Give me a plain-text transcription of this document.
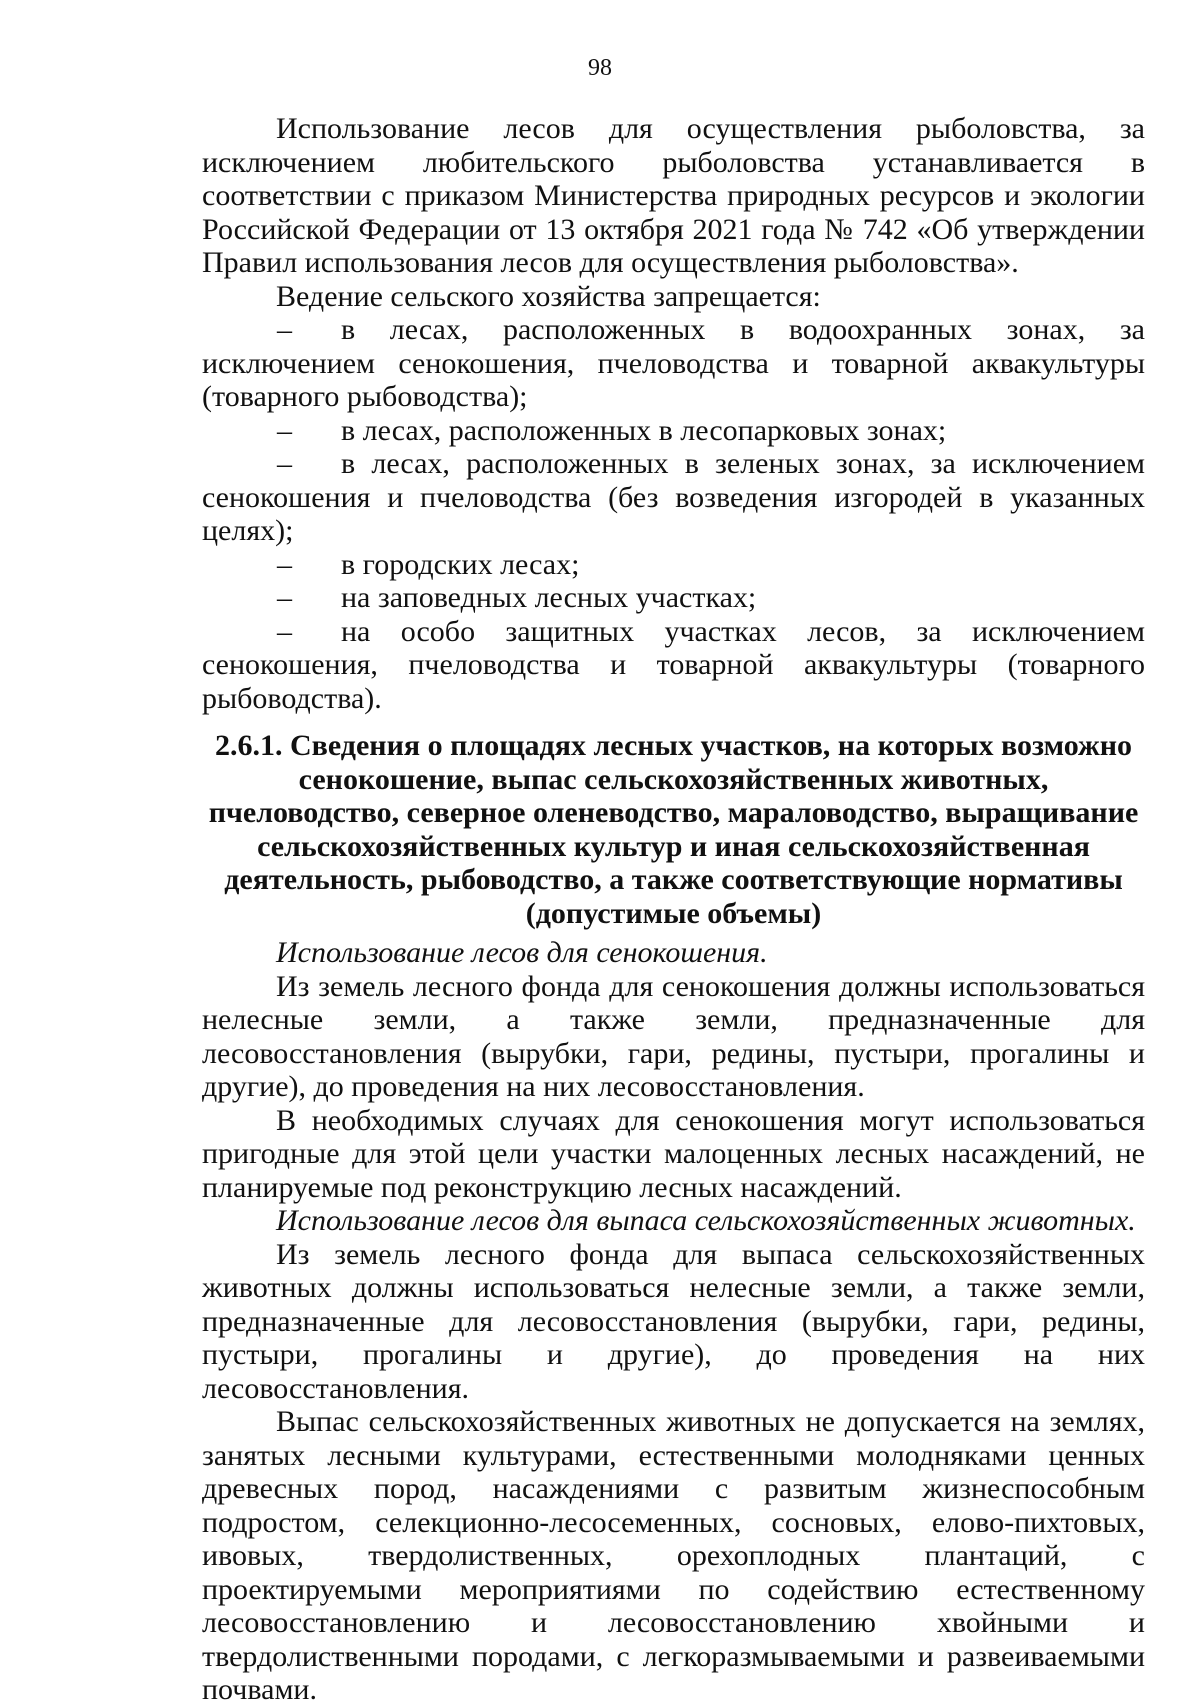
98

Использование лесов для осуществления рыболовства, за исключением любительского рыболовства устанавливается в соответствии с приказом Министерства природных ресурсов и экологии Российской Федерации от 13 октября 2021 года № 742 «Об утверждении Правил использования лесов для осуществления рыболовства».

Ведение сельского хозяйства запрещается:

– в лесах, расположенных в водоохранных зонах, за исключением сенокошения, пчеловодства и товарной аквакультуры (товарного рыбоводства);

– в лесах, расположенных в лесопарковых зонах;

– в лесах, расположенных в зеленых зонах, за исключением сенокошения и пчеловодства (без возведения изгородей в указанных целях);

– в городских лесах;

– на заповедных лесных участках;

– на особо защитных участках лесов, за исключением сенокошения, пчеловодства и товарной аквакультуры (товарного рыбоводства).

2.6.1. Сведения о площадях лесных участков, на которых возможно сенокошение, выпас сельскохозяйственных животных, пчеловодство, северное оленеводство, мараловодство, выращивание сельскохозяйственных культур и иная сельскохозяйственная деятельность, рыбоводство, а также соответствующие нормативы (допустимые объемы)

Использование лесов для сенокошения.

Из земель лесного фонда для сенокошения должны использоваться нелесные земли, а также земли, предназначенные для лесовосстановления (вырубки, гари, редины, пустыри, прогалины и другие), до проведения на них лесовосстановления.

В необходимых случаях для сенокошения могут использоваться пригодные для этой цели участки малоценных лесных насаждений, не планируемые под реконструкцию лесных насаждений.

Использование лесов для выпаса сельскохозяйственных животных.

Из земель лесного фонда для выпаса сельскохозяйственных животных должны использоваться нелесные земли, а также земли, предназначенные для лесовосстановления (вырубки, гари, редины, пустыри, прогалины и другие), до проведения на них лесовосстановления.

Выпас сельскохозяйственных животных не допускается на землях, занятых лесными культурами, естественными молодняками ценных древесных пород, насаждениями с развитым жизнеспособным подростом, селекционно-лесосеменных, сосновых, елово-пихтовых, ивовых, твердолиственных, орехоплодных плантаций, с проектируемыми мероприятиями по содействию естественному лесовосстановлению и лесовосстановлению хвойными и твердолиственными породами, с легкоразмываемыми и развеиваемыми почвами.
